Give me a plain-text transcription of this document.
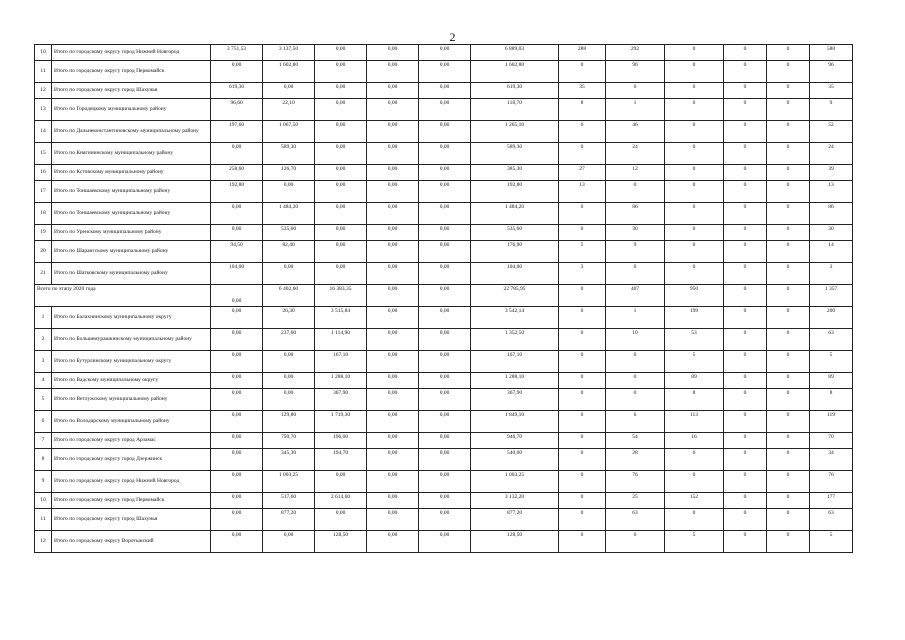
2
10	Итого по городскому округу город Нижний Новгород	3 751,53	3 137,50	0,00	0,00	0,00	6 889,03	288	292	0	0	0	580
11	Итого по городскому округу город Первомайск	0,00	1 602,80	0,00	0,00	0,00	1 602,80	0	96	0	0	0	96
12	Итого по городскому округу город Шахунья	619,30	0,00	0,00	0,00	0,00	619,30	35	0	0	0	0	35
13	Итого по Городецкому муниципальному району	96,60	22,10	0,00	0,00	0,00	118,70	8	1	0	0	0	9
14	Итого по Дальнеконстантиновскому муниципальному району	197,60	1 067,50	0,00	0,00	0,00	1 265,10	6	46	0	0	0	52
15	Итого по Княгининскому муниципальному району	0,00	589,30	0,00	0,00	0,00	589,30	0	24	0	0	0	24
16	Итого по Кстовскому муниципальному району	258,60	126,70	0,00	0,00	0,00	385,30	27	12	0	0	0	39
17	Итого по Тоншаевскому муниципальному району	192,80	0,00	0,00	0,00	0,00	192,80	13	0	0	0	0	13
18	Итого по Тоншаевскому муниципальному району	0,00	1 484,20	0,00	0,00	0,00	1 484,20	0	86	0	0	0	86
19	Итого по Уренскому муниципальному району	0,00	535,60	0,00	0,00	0,00	535,60	0	30	0	0	0	30
20	Итого по Шарангскому муниципальному району	94,50	82,40	0,00	0,00	0,00	176,90	5	9	0	0	0	14
21	Итого по Шатковскому муниципальному району	104,00	0,00	0,00	0,00	0,00	104,00	3	0	0	0	0	3
Всего по этапу 2020 года		0,00	6 402,60	16 383,35	0,00	0,00	22 785,95	0	407	950	0	0	1 357
1	Итого по Балахнинскому муниципальному округу	0,00	26,30	3 515,84	0,00	0,00	3 542,14	0	1	199	0	0	200
2	Итого по Большемурашкинскому муниципальному району	0,00	237,60	1 114,90	0,00	0,00	1 352,50	0	10	53	0	0	63
3	Итого по Бутурлинскому муниципальному округу	0,00	0,00	167,10	0,00	0,00	167,10	0	0	5	0	0	5
4	Итого по Вадскому муниципальному округу	0,00	0,00	1 288,10	0,00	0,00	1 288,10	0	0	89	0	0	89
5	Итого по Ветлужскому муниципальному району	0,00	0,00	367,90	0,00	0,00	367,90	0	0	8	0	0	8
6	Итого по Володарскому муниципальному району	0,00	129,80	1 719,30	0,00	0,00	1 849,10	0	6	113	0	0	119
7	Итого по городскому округу город Арзамас	0,00	750,70	196,00	0,00	0,00	946,70	0	54	16	0	0	70
8	Итого по городскому округу город Дзержинск	0,00	345,30	194,70	0,00	0,00	540,00	0	28	6	0	0	34
9	Итого по городскому округу город Нижний Новгород	0,00	1 003,25	0,00	0,00	0,00	1 003,25	0	76	0	0	0	76
10	Итого по городскому округу город Первомайск	0,00	517,60	2 614,60	0,00	0,00	3 132,20	0	25	152	0	0	177
11	Итого по городскому округу город Шахунья	0,00	877,20	0,00	0,00	0,00	877,20	0	63	0	0	0	63
12	Итого по городскому округу Воротынский	0,00	0,00	128,50	0,00	0,00	128,50	0	0	5	0	0	5
